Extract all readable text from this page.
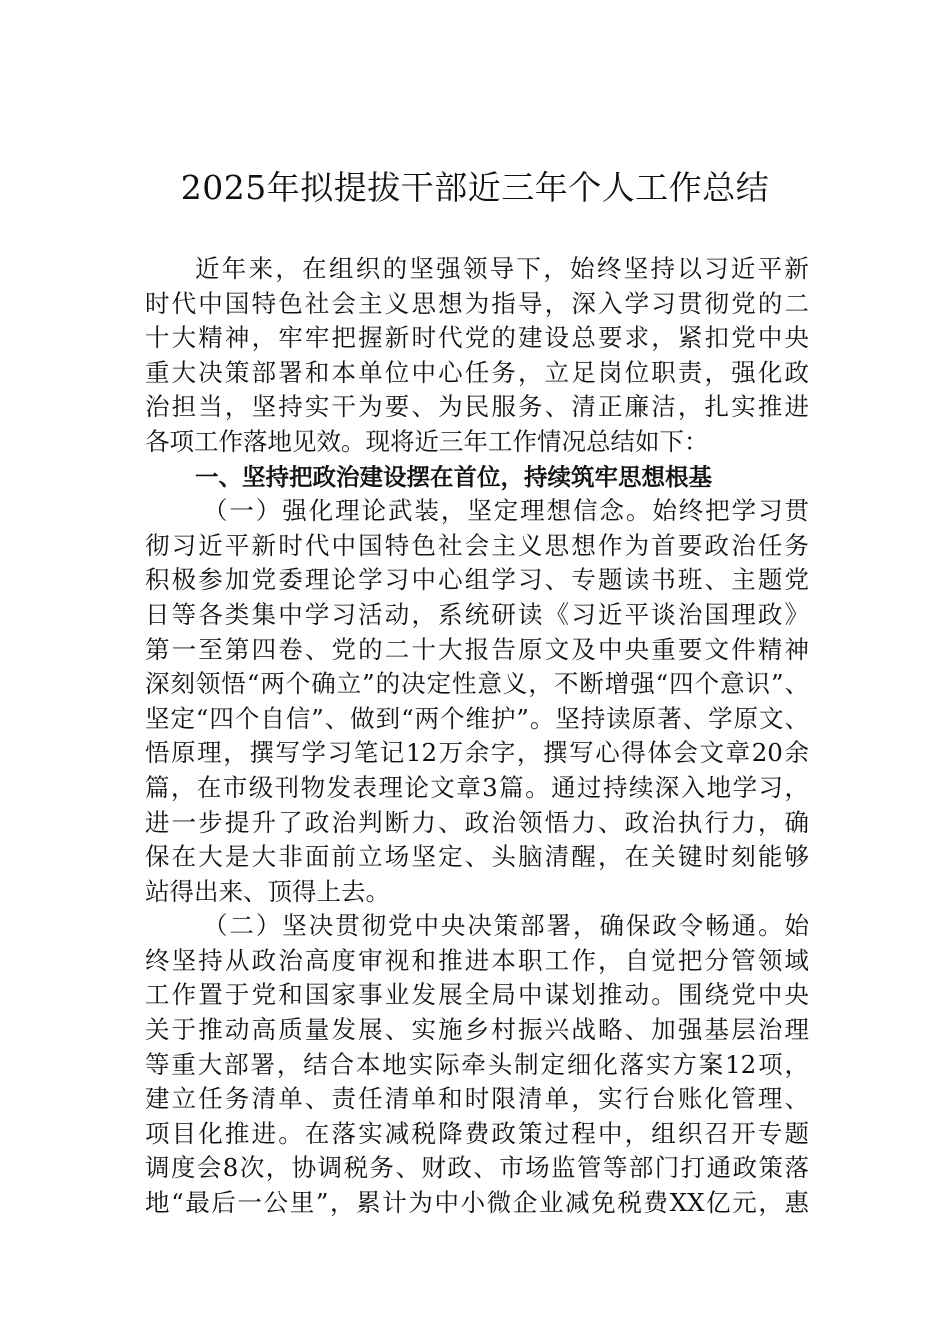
2025年拟提拔干部近三年个人工作总结
近年来，在组织的坚强领导下，始终坚持以习近平新
时代中国特色社会主义思想为指导，深入学习贯彻党的二
十大精神，牢牢把握新时代党的建设总要求，紧扣党中央
重大决策部署和本单位中心任务，立足岗位职责，强化政
治担当，坚持实干为要、为民服务、清正廉洁，扎实推进
各项工作落地见效。现将近三年工作情况总结如下：
一、坚持把政治建设摆在首位，持续筑牢思想根基
（一）强化理论武装，坚定理想信念。始终把学习贯
彻习近平新时代中国特色社会主义思想作为首要政治任务
积极参加党委理论学习中心组学习、专题读书班、主题党
日等各类集中学习活动，系统研读《习近平谈治国理政》
第一至第四卷、党的二十大报告原文及中央重要文件精神
深刻领悟“两个确立”的决定性意义，不断增强“四个意识”、
坚定“四个自信”、做到“两个维护”。坚持读原著、学原文、
悟原理，撰写学习笔记12万余字，撰写心得体会文章20余
篇，在市级刊物发表理论文章3篇。通过持续深入地学习，
进一步提升了政治判断力、政治领悟力、政治执行力，确
保在大是大非面前立场坚定、头脑清醒，在关键时刻能够
站得出来、顶得上去。
（二）坚决贯彻党中央决策部署，确保政令畅通。始
终坚持从政治高度审视和推进本职工作，自觉把分管领域
工作置于党和国家事业发展全局中谋划推动。围绕党中央
关于推动高质量发展、实施乡村振兴战略、加强基层治理
等重大部署，结合本地实际牵头制定细化落实方案12项，
建立任务清单、责任清单和时限清单，实行台账化管理、
项目化推进。在落实减税降费政策过程中，组织召开专题
调度会8次，协调税务、财政、市场监管等部门打通政策落
地“最后一公里”，累计为中小微企业减免税费XX亿元，惠
